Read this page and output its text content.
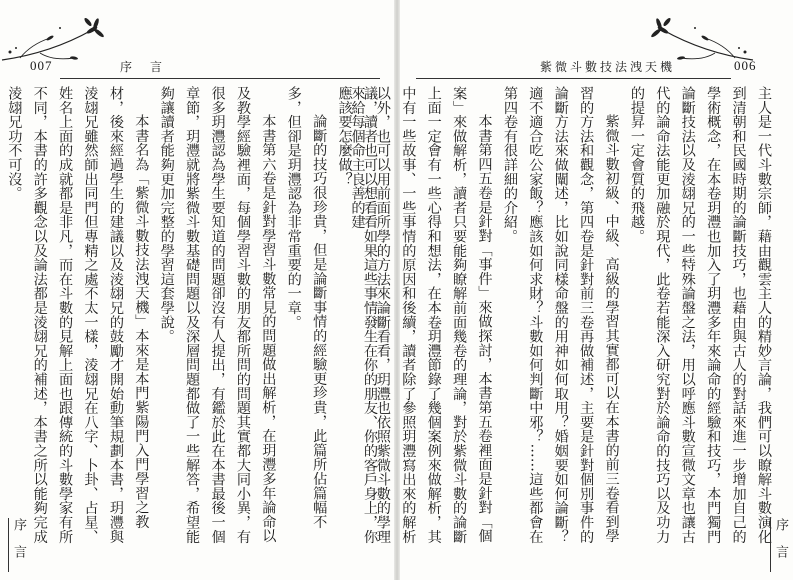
007	序　言

議，讀者也可以想看看如果這些事情發生在你的朋友、你的客戶身上，你應該要怎麼做？

論斷的技巧很珍貴，但是論斷事情的經驗更珍貴，此篇所佔篇幅不多，但卻是玥灃認為非常重要的一章。

本書第六卷是針對學習斗數常見的問題做出解析，在玥灃多年論命以及教學經驗裡面，每個學習斗數的朋友都所問的問題其實都大同小異，有很多玥灃認為學生要知道的問題卻沒有人提出，有鑑於此在本書最後一個章節，玥灃就將紫微斗數基礎問題以及深層問題都做了一些解答，希望能夠讓讀者能夠更加完整的學習這套學說。

本書名為「紫微斗數技法洩天機」本來是本門紫陽門入門學習之教材，後來經過學生的建議以及淩翃兄的鼓勵才開始動筆規劃本書，玥灃與淩翃兄雖然師出同門但專精之處不太一樣，淩翃兄在八字、卜卦、占星、姓名上面的成就都是非凡，而在斗數的見解上面也跟傳統的斗數學家有所不同，本書的許多觀念以及論法都是淩翃兄的補述，本書之所以能夠完成淩翃兄功不可沒。

序言
紫微斗數技法洩天機	006

主人是一代斗數宗師，藉由觀雲主人的精妙言論，我們可以瞭解斗數演化到清朝和民國時期的論斷技巧，也藉由與古人的對話來進一步增加自己的學術概念，在本卷玥灃也加入了玥灃多年來論命的經驗和技巧，本門獨門論斷技法以及淩翃兄的一些特殊論盤之法，用以呼應斗數宣微文章也讓古代的論命法能更加融於現代，此卷若能深入研究對於論命的技巧以及功力的提昇一定會質的飛越。

紫微斗數初級、中級、高級的學習其實都可以在本書的前三卷看到學習的方法和觀念，第四卷是針對前三卷再做補述，主要是針對個別事件的論斷方法來做闡述，比如說同樣命盤的用神如何取用？婚姻要如何論斷？適不適合吃公家飯？應該如何求財？斗數如何判斷中邪？……這些都會在第四卷有很詳細的介紹。

本書第四五卷是針對「事件」來做探討，本書第五卷裡面是針對「個案」來做解析，讀者只要能夠瞭解前面幾卷的理論，對於紫微斗數的論斷上面一定會有一些心得和想法，在本卷玥灃節錄了幾個案例來做解析，其中有一些故事、一些事情的原因和後續，讀者除了參照玥灃寫出來的解析以外，也可以用前面所學的方法來論斷看看，玥灃也依照紫微斗數的學理來給每個命主良善的建

序言
